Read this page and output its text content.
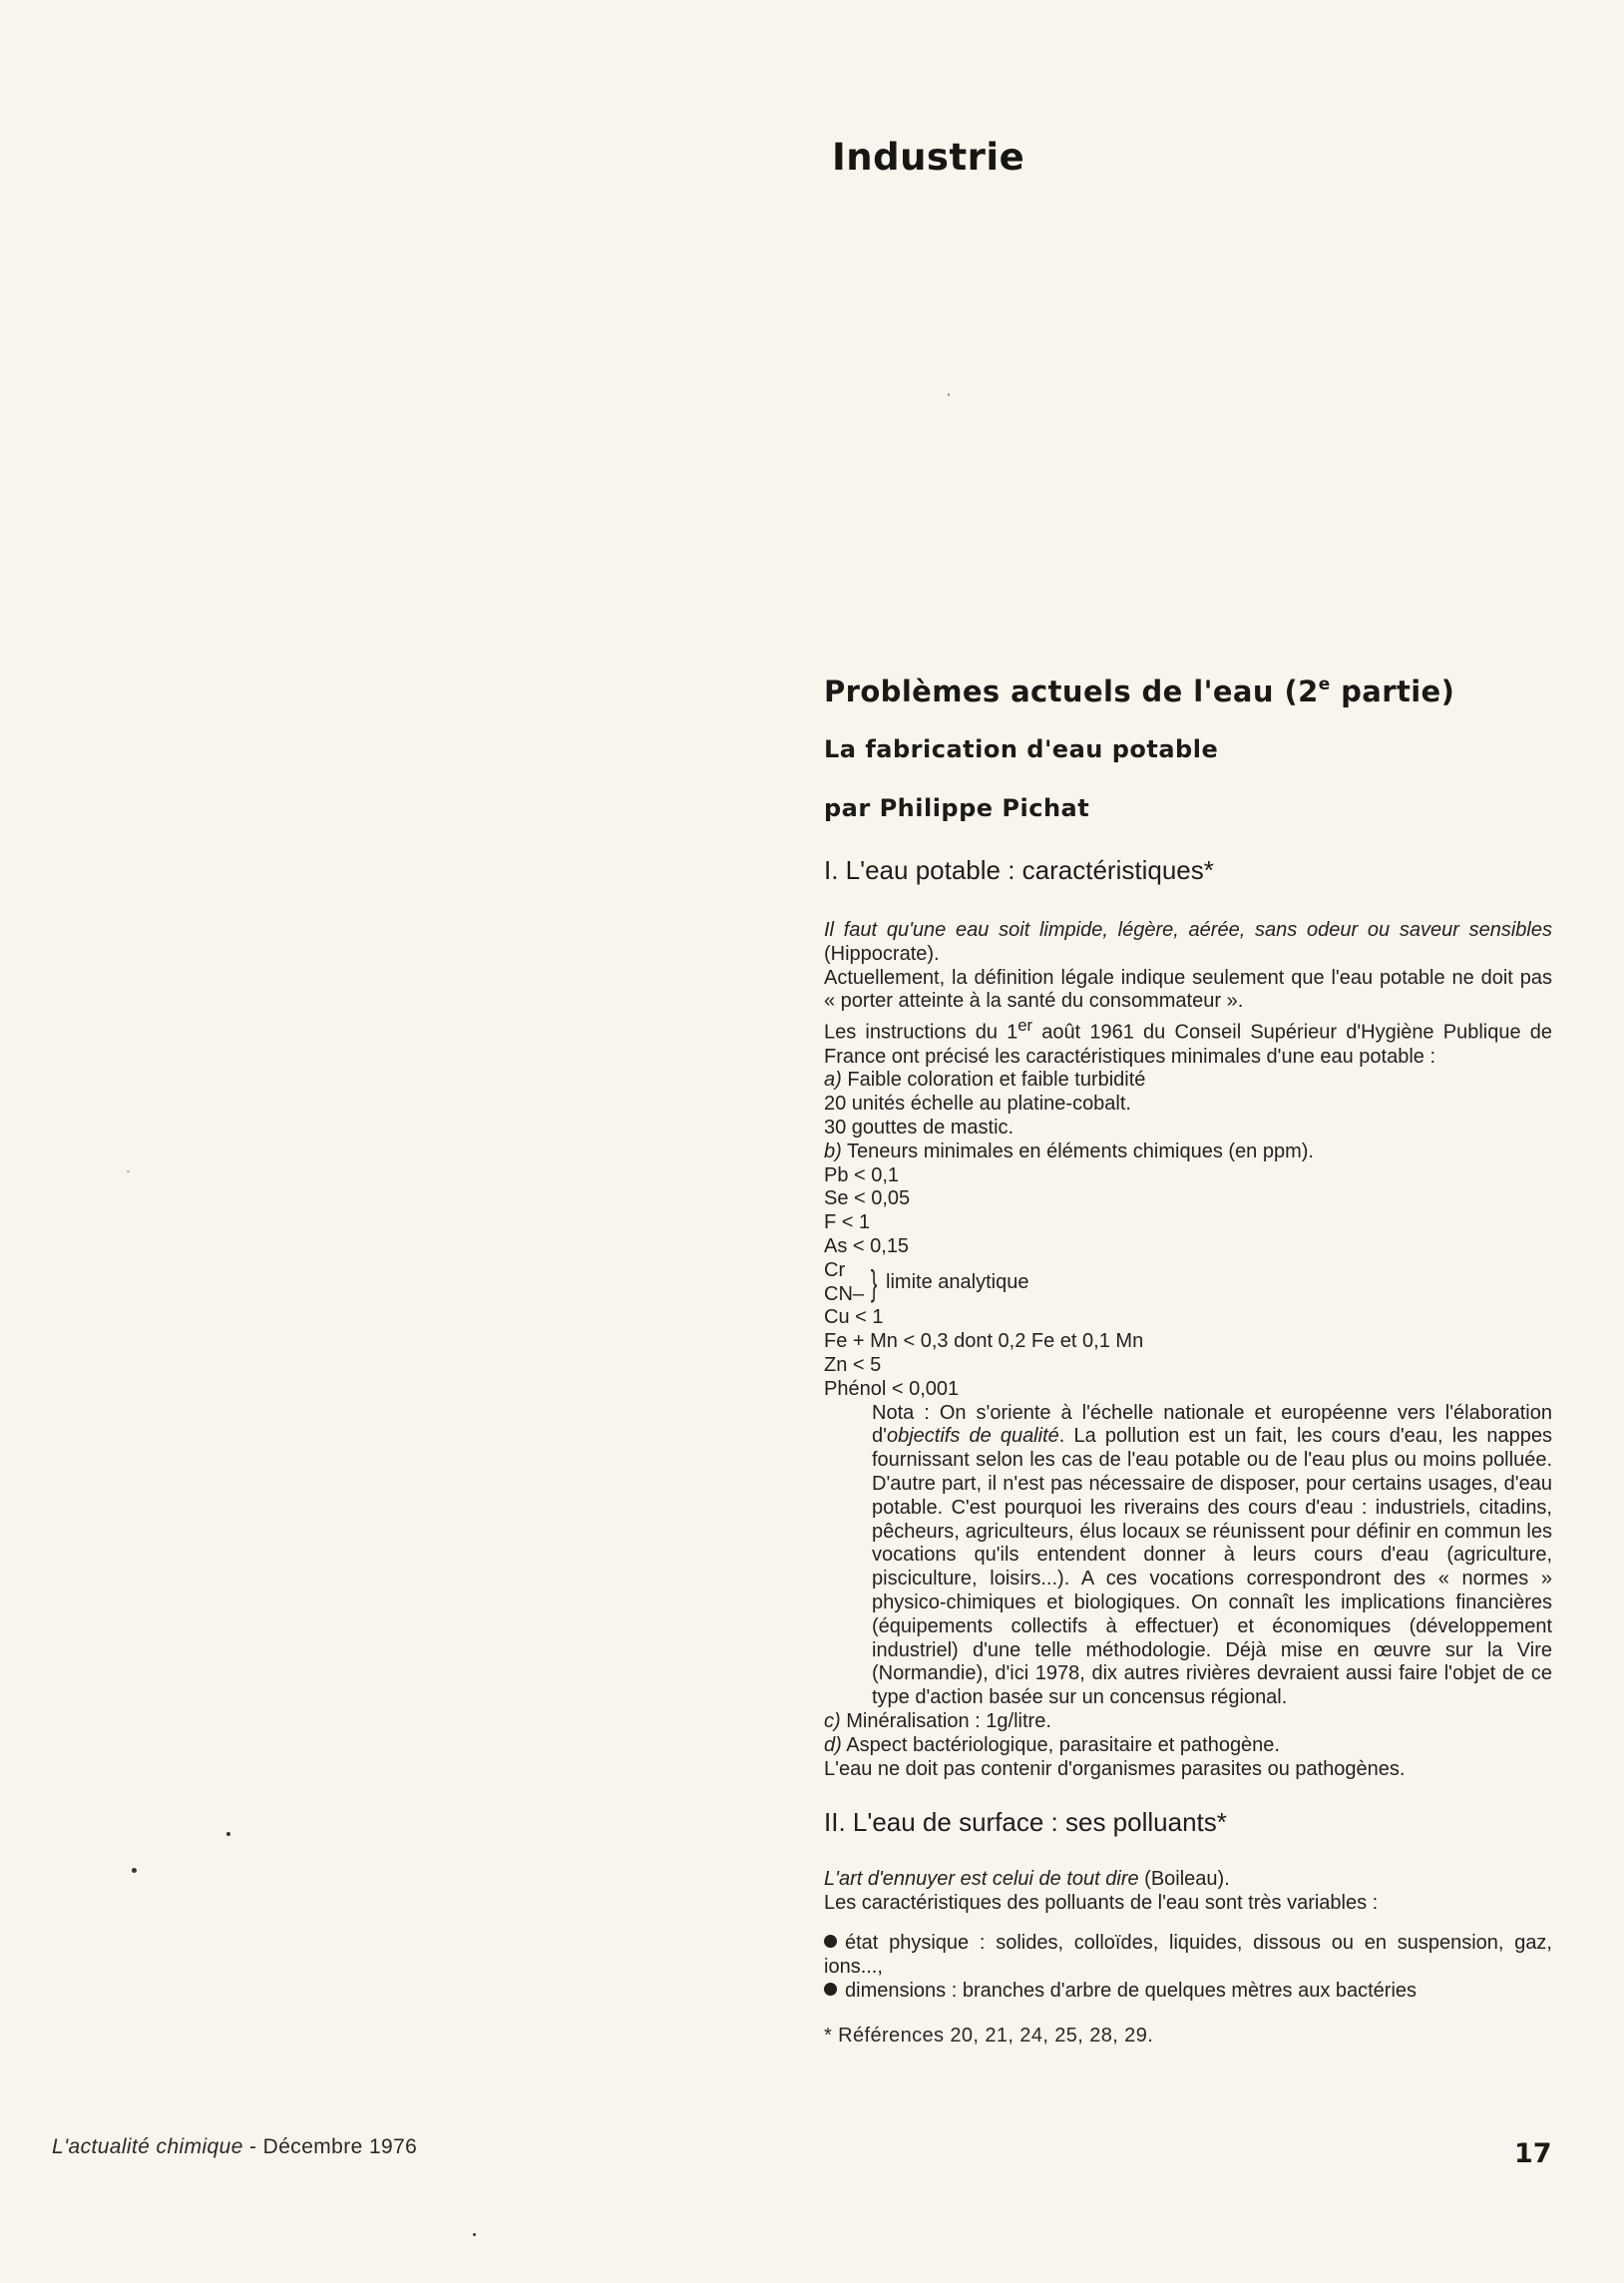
Industrie
Problèmes actuels de l'eau (2e partie)
La fabrication d'eau potable
par Philippe Pichat
I. L'eau potable : caractéristiques*

Il faut qu'une eau soit limpide, légère, aérée, sans odeur ou saveur sensibles (Hippocrate).

Actuellement, la définition légale indique seulement que l'eau potable ne doit pas « porter atteinte à la santé du consommateur ».

Les instructions du 1er août 1961 du Conseil Supérieur d'Hygiène Publique de France ont précisé les caractéristiques minimales d'une eau potable :

a) Faible coloration et faible turbidité

20 unités échelle au platine-cobalt.

30 gouttes de mastic.

b) Teneurs minimales en éléments chimiques (en ppm).

Pb < 0,1

Se < 0,05

F < 1

As < 0,15

Cr
CN– } limite analytique

Cu < 1

Fe + Mn < 0,3 dont 0,2 Fe et 0,1 Mn

Zn < 5

Phénol < 0,001

Nota : On s'oriente à l'échelle nationale et européenne vers l'élaboration d'objectifs de qualité. La pollution est un fait, les cours d'eau, les nappes fournissant selon les cas de l'eau potable ou de l'eau plus ou moins polluée. D'autre part, il n'est pas nécessaire de disposer, pour certains usages, d'eau potable. C'est pourquoi les riverains des cours d'eau : industriels, citadins, pêcheurs, agriculteurs, élus locaux se réunissent pour définir en commun les vocations qu'ils entendent donner à leurs cours d'eau (agriculture, pisciculture, loisirs...). A ces vocations correspondront des « normes » physico-chimiques et biologiques. On connaît les implications financières (équipements collectifs à effectuer) et économiques (développement industriel) d'une telle méthodologie. Déjà mise en œuvre sur la Vire (Normandie), d'ici 1978, dix autres rivières devraient aussi faire l'objet de ce type d'action basée sur un concensus régional.

c) Minéralisation : 1g/litre.

d) Aspect bactériologique, parasitaire et pathogène.

L'eau ne doit pas contenir d'organismes parasites ou pathogènes.

II. L'eau de surface : ses polluants*

L'art d'ennuyer est celui de tout dire (Boileau).

Les caractéristiques des polluants de l'eau sont très variables :

état physique : solides, colloïdes, liquides, dissous ou en suspension, gaz, ions...,

dimensions : branches d'arbre de quelques mètres aux bactéries

* Références 20, 21, 24, 25, 28, 29.

L'actualité chimique - Décembre 1976	17
